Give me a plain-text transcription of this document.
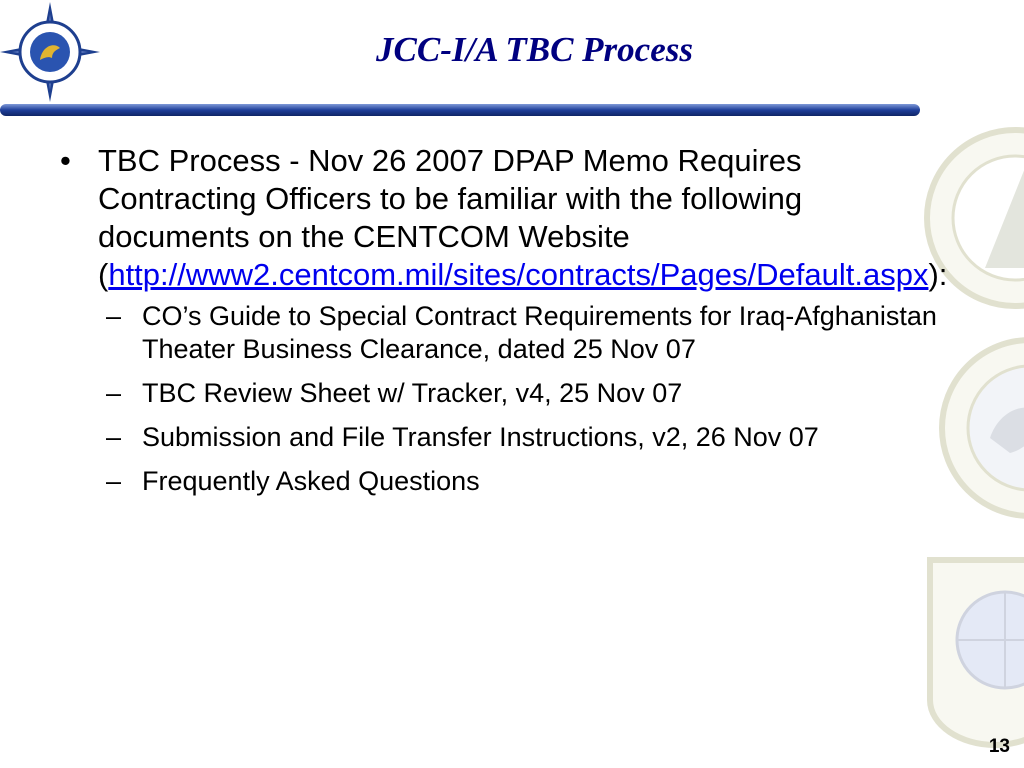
JCC-I/A TBC Process
• TBC Process - Nov 26 2007 DPAP Memo Requires Contracting Officers to be familiar with the following documents on the CENTCOM Website (http://www2.centcom.mil/sites/contracts/Pages/Default.aspx):
– CO’s Guide to Special Contract Requirements for Iraq-Afghanistan Theater Business Clearance, dated 25 Nov 07
– TBC Review Sheet w/ Tracker, v4, 25 Nov 07
– Submission and File Transfer Instructions, v2, 26 Nov 07
– Frequently Asked Questions
13
